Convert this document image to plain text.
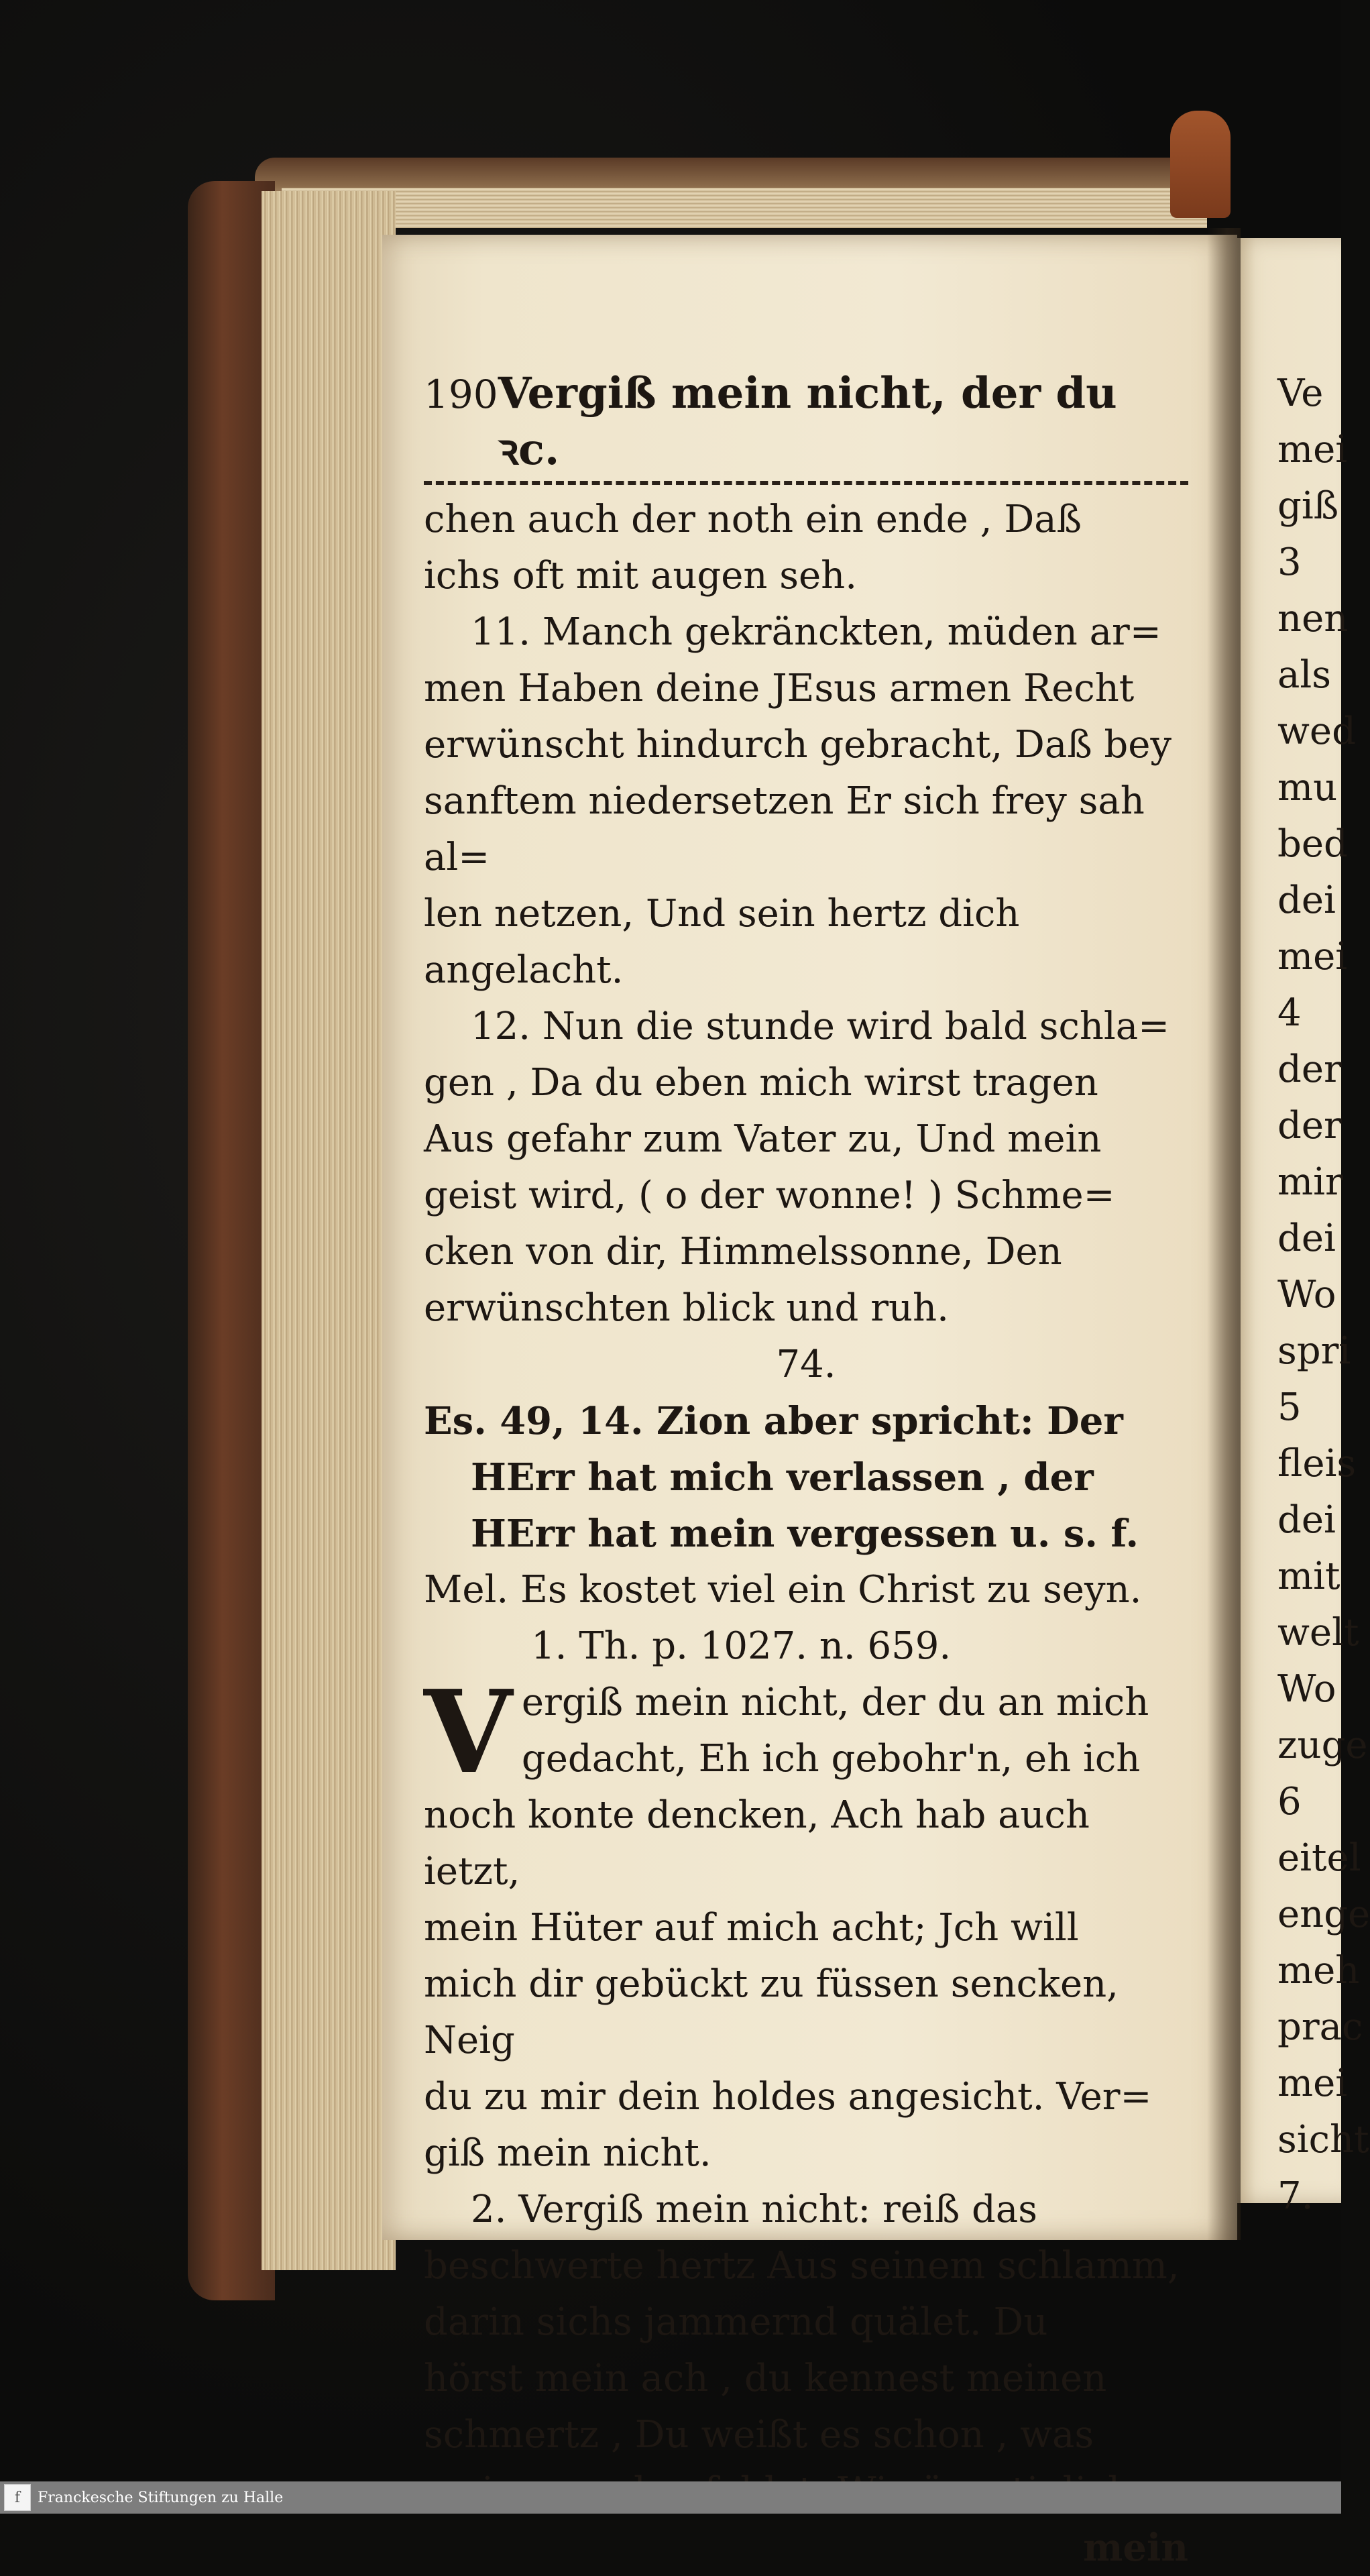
190 Vergiß mein nicht, der du ꝛc.
chen auch der noth ein ende , Daß
ichs oft mit augen seh.
11. Manch gekränckten, müden ar=
men Haben deine JEsus armen Recht
erwünscht hindurch gebracht, Daß bey
sanftem niedersetzen Er sich frey sah al=
len netzen, Und sein hertz dich angelacht.
12. Nun die stunde wird bald schla=
gen , Da du eben mich wirst tragen
Aus gefahr zum Vater zu, Und mein
geist wird, ( o der wonne! ) Schme=
cken von dir, Himmelssonne, Den
erwünschten blick und ruh.
74.
Es. 49, 14. Zion aber spricht: Der
HErr hat mich verlassen , der
HErr hat mein vergessen u. s. f.
Mel. Es kostet viel ein Christ zu seyn.
1. Th. p. 1027. n. 659.
V ergiß mein nicht, der du an mich
gedacht, Eh ich gebohr'n, eh ich
noch konte dencken, Ach hab auch ietzt,
mein Hüter auf mich acht; Jch will
mich dir gebückt zu füssen sencken, Neig
du zu mir dein holdes angesicht. Ver=
giß mein nicht.
2. Vergiß mein nicht: reiß das
beschwerte hertz Aus seinem schlamm,
darin sichs jammernd quälet. Du
hörst mein ach , du kennest meinen
schmertz , Du weißt es schon , was
mein
Ve
mei
giß
3
nen
als
wed
mu
bed
dei
mei
4
der
der
mir
dei
Wo
spri
5
fleis
dei
mit
welt
Wo
zuge
6
eitel
enge
meh
prac
mei
sicht
7.
f	Franckesche Stiftungen zu Halle
